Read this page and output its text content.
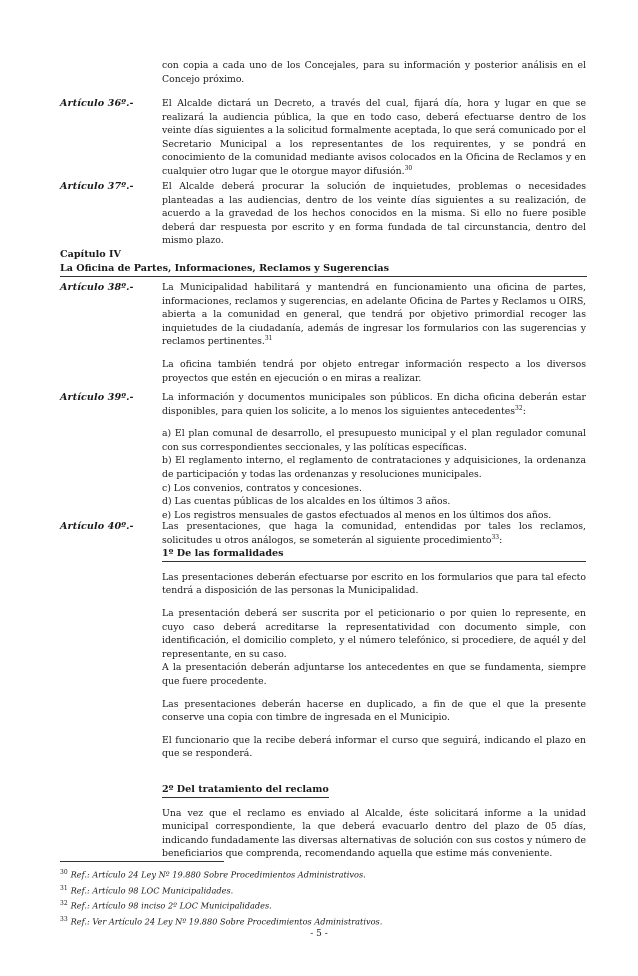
con copia a cada uno de los Concejales, para su información y posterior análisis en el Concejo próximo.
Artículo 36º.-	El Alcalde dictará un Decreto, a través del cual, fijará día, hora y lugar en que se realizará la audiencia pública, la que en todo caso, deberá efectuarse dentro de los veinte días siguientes a la solicitud formalmente aceptada, lo que será comunicado por el Secretario Municipal a los representantes de los requirentes, y se pondrá en conocimiento de la comunidad mediante avisos colocados en la Oficina de Reclamos y en cualquier otro lugar que le otorgue mayor difusión.$^{30}$
Artículo 37º.-	El Alcalde deberá procurar la solución de inquietudes, problemas o necesidades planteadas a las audiencias, dentro de los veinte días siguientes a su realización, de acuerdo a la gravedad de los hechos conocidos en la misma. Si ello no fuere posible deberá dar respuesta por escrito y en forma fundada de tal circunstancia, dentro del mismo plazo.
Capítulo IV
La Oficina de Partes, Informaciones, Reclamos y Sugerencias
Artículo 38º.-	La Municipalidad habilitará y mantendrá en funcionamiento una oficina de partes, informaciones, reclamos y sugerencias, en adelante Oficina de Partes y Reclamos u OIRS, abierta a la comunidad en general, que tendrá por objetivo primordial recoger las inquietudes de la ciudadanía, además de ingresar los formularios con las sugerencias y reclamos pertinentes.$^{31}$
La oficina también tendrá por objeto entregar información respecto a los diversos proyectos que estén en ejecución o en miras a realizar.
Artículo 39º.-	La información y documentos municipales son públicos. En dicha oficina deberán estar disponibles, para quien los solicite, a lo menos los siguientes antecedentes$^{32}$:
a) El plan comunal de desarrollo, el presupuesto municipal y el plan regulador comunal con sus correspondientes seccionales, y las políticas específicas.
b) El reglamento interno, el reglamento de contrataciones y adquisiciones, la ordenanza de participación y todas las ordenanzas y resoluciones municipales.
c) Los convenios, contratos y concesiones.
d) Las cuentas públicas de los alcaldes en los últimos 3 años.
e) Los registros mensuales de gastos efectuados al menos en los últimos dos años.
Artículo 40º.-	Las presentaciones, que haga la comunidad, entendidas por tales los reclamos, solicitudes u otros análogos, se someterán al siguiente procedimiento$^{33}$:
1º De las formalidades
Las presentaciones deberán efectuarse por escrito en los formularios que para tal efecto tendrá a disposición de las personas la Municipalidad.
La presentación deberá ser suscrita por el peticionario o por quien lo represente, en cuyo caso deberá acreditarse la representatividad con documento simple, con identificación, el domicilio completo, y el número telefónico, si procediere, de aquél y del representante, en su caso.
A la presentación deberán adjuntarse los antecedentes en que se fundamenta, siempre que fuere procedente.
Las presentaciones deberán hacerse en duplicado, a fin de que el que la presente conserve una copia con timbre de ingresada en el Municipio.
El funcionario que la recibe deberá informar el curso que seguirá, indicando el plazo en que se responderá.
2º Del tratamiento del reclamo
Una vez que el reclamo es enviado al Alcalde, éste solicitará informe a la unidad municipal correspondiente, la que deberá evacuarlo dentro del plazo de 05 días, indicando fundadamente las diversas alternativas de solución con sus costos y número de beneficiarios que comprenda, recomendando aquella que estime más conveniente.
$^{30}$ Ref.: Artículo 24 Ley Nº 19.880 Sobre Procedimientos Administrativos.
$^{31}$ Ref.: Artículo 98 LOC Municipalidades.
$^{32}$ Ref.: Artículo 98 inciso 2º LOC Municipalidades.
$^{33}$ Ref.: Ver Artículo 24 Ley Nº 19.880 Sobre Procedimientos Administrativos.
- 5 -
